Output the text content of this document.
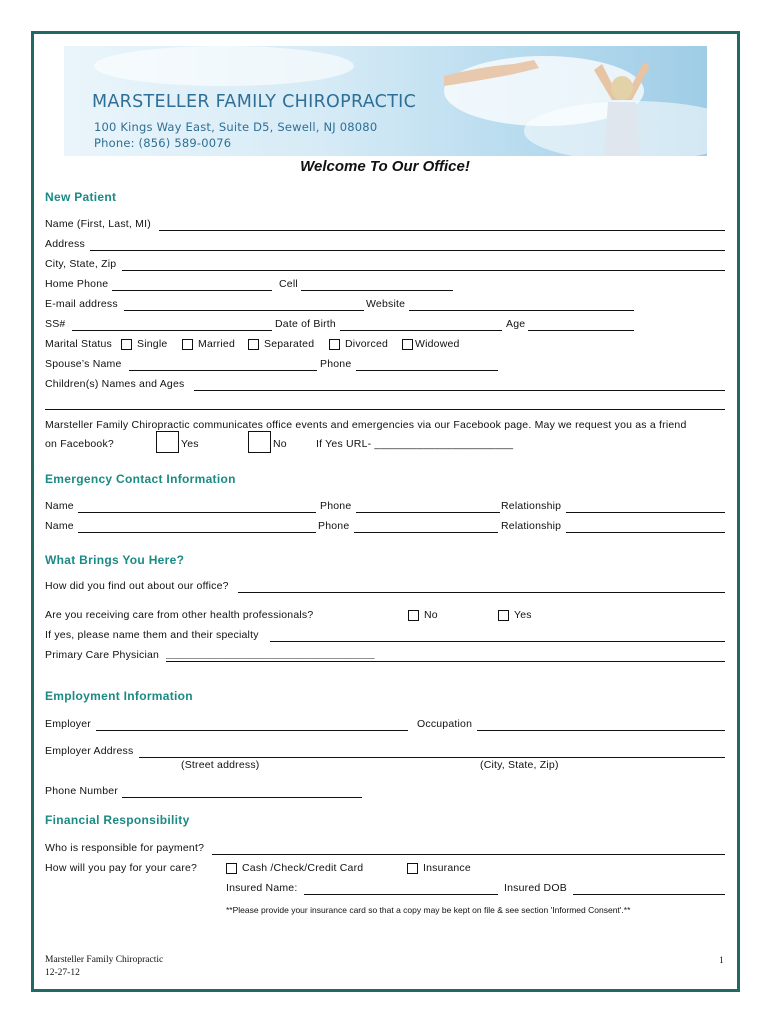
MARSTELLER FAMILY CHIROPRACTIC
100 Kings Way East, Suite D5, Sewell, NJ 08080
Phone: (856) 589-0076
Welcome To Our Office!
New Patient
Name (First, Last, MI)
Address
City, State, Zip
Home Phone	Cell
E-mail address	Website
SS#	Date of Birth	Age
Marital Status Single	Married	Separated	Divorced	Widowed
Spouse’s Name	Phone
Children(s) Names and Ages
Marsteller Family Chiropractic communicates office events and emergencies via our Facebook page. May we request you as a friend
on Facebook?	Yes	No	If Yes URL- _______________________
Emergency Contact Information
Name	Phone	Relationship
Name	Phone	Relationship
What Brings You Here?
How did you find out about our office?
Are you receiving care from other health professionals?	No	Yes
If yes, please name them and their specialty
Primary Care Physician __________________________________________________
Employment Information
Employer	Occupation
Employer Address
(Street address)	(City, State, Zip)
Phone Number
Financial Responsibility
Who is responsible for payment?
How will you pay for your care?	Cash /Check/Credit Card	Insurance
Insured Name:	Insured DOB
**Please provide your insurance card so that a copy may be kept on file & see section 'Informed Consent'.**
Marsteller Family Chiropractic
12-27-12
1
